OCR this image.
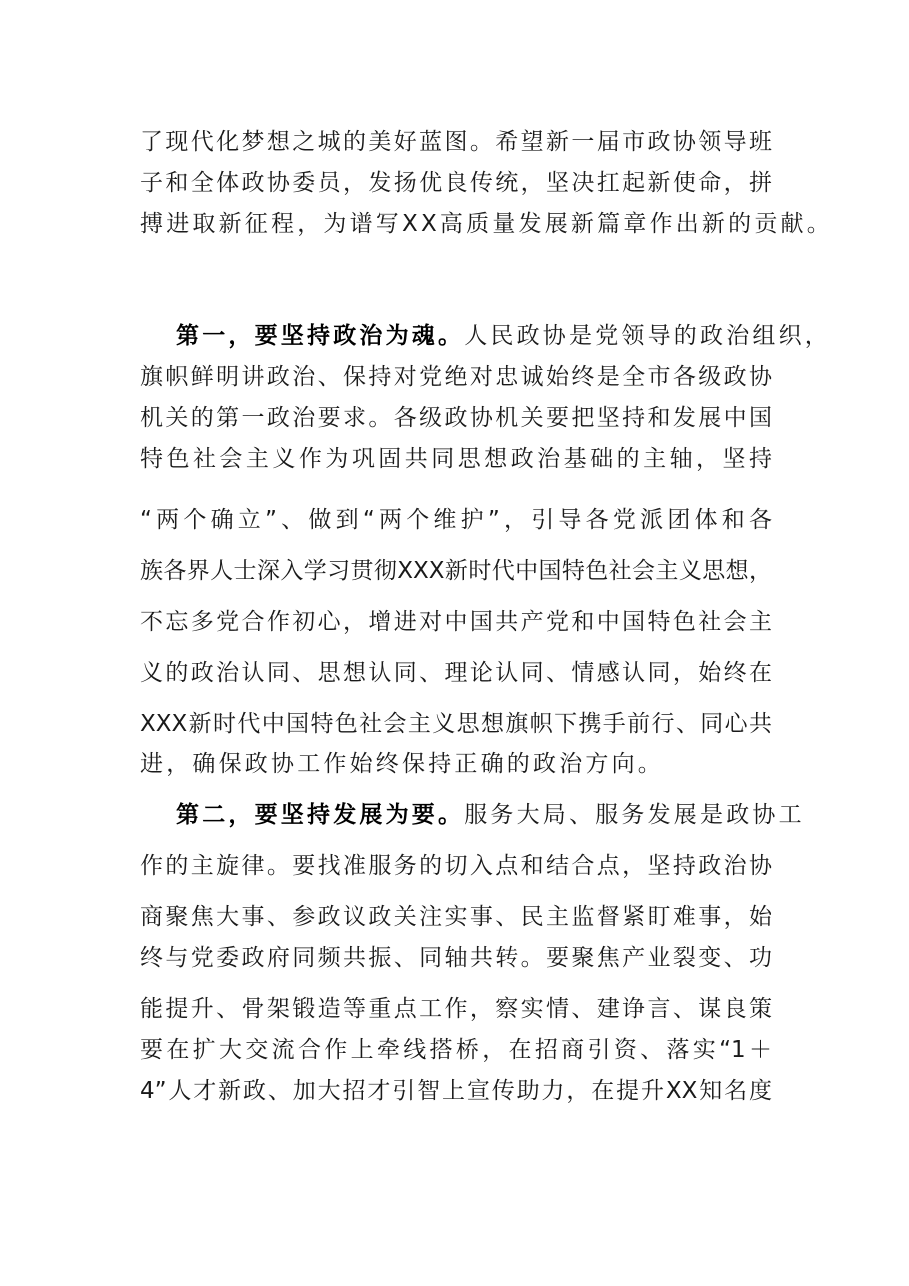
了现代化梦想之城的美好蓝图。希望新一届市政协领导班
子和全体政协委员，发扬优良传统，坚决扛起新使命，拼
搏进取新征程，为谱写XX高质量发展新篇章作出新的贡献。
第一，要坚持政治为魂。人民政协是党领导的政治组织，
旗帜鲜明讲政治、保持对党绝对忠诚始终是全市各级政协
机关的第一政治要求。各级政协机关要把坚持和发展中国
特色社会主义作为巩固共同思想政治基础的主轴，坚持
“两个确立”、做到“两个维护”，引导各党派团体和各
族各界人士深入学习贯彻XXX新时代中国特色社会主义思想，
不忘多党合作初心，增进对中国共产党和中国特色社会主
义的政治认同、思想认同、理论认同、情感认同，始终在
XXX新时代中国特色社会主义思想旗帜下携手前行、同心共
进，确保政协工作始终保持正确的政治方向。
第二，要坚持发展为要。服务大局、服务发展是政协工
作的主旋律。要找准服务的切入点和结合点，坚持政治协
商聚焦大事、参政议政关注实事、民主监督紧盯难事，始
终与党委政府同频共振、同轴共转。要聚焦产业裂变、功
能提升、骨架锻造等重点工作，察实情、建诤言、谋良策
要在扩大交流合作上牵线搭桥，在招商引资、落实“1＋
4”人才新政、加大招才引智上宣传助力，在提升XX知名度
